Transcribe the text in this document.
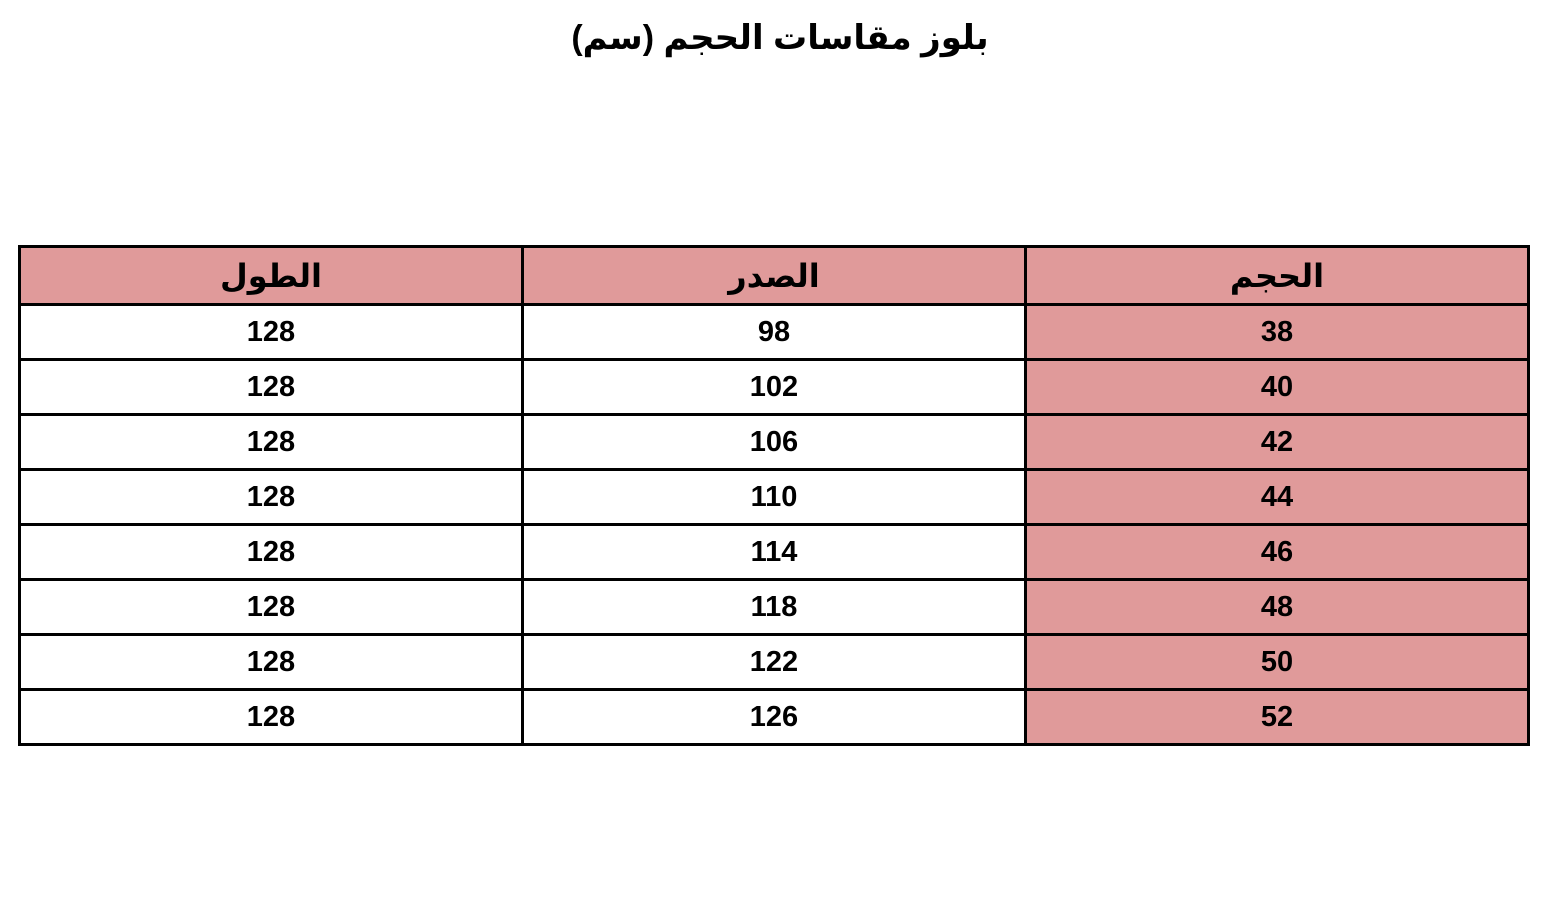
بلوز مقاسات الحجم (سم)
الحجم	الصدر	الطول
38	98	128
40	102	128
42	106	128
44	110	128
46	114	128
48	118	128
50	122	128
52	126	128
